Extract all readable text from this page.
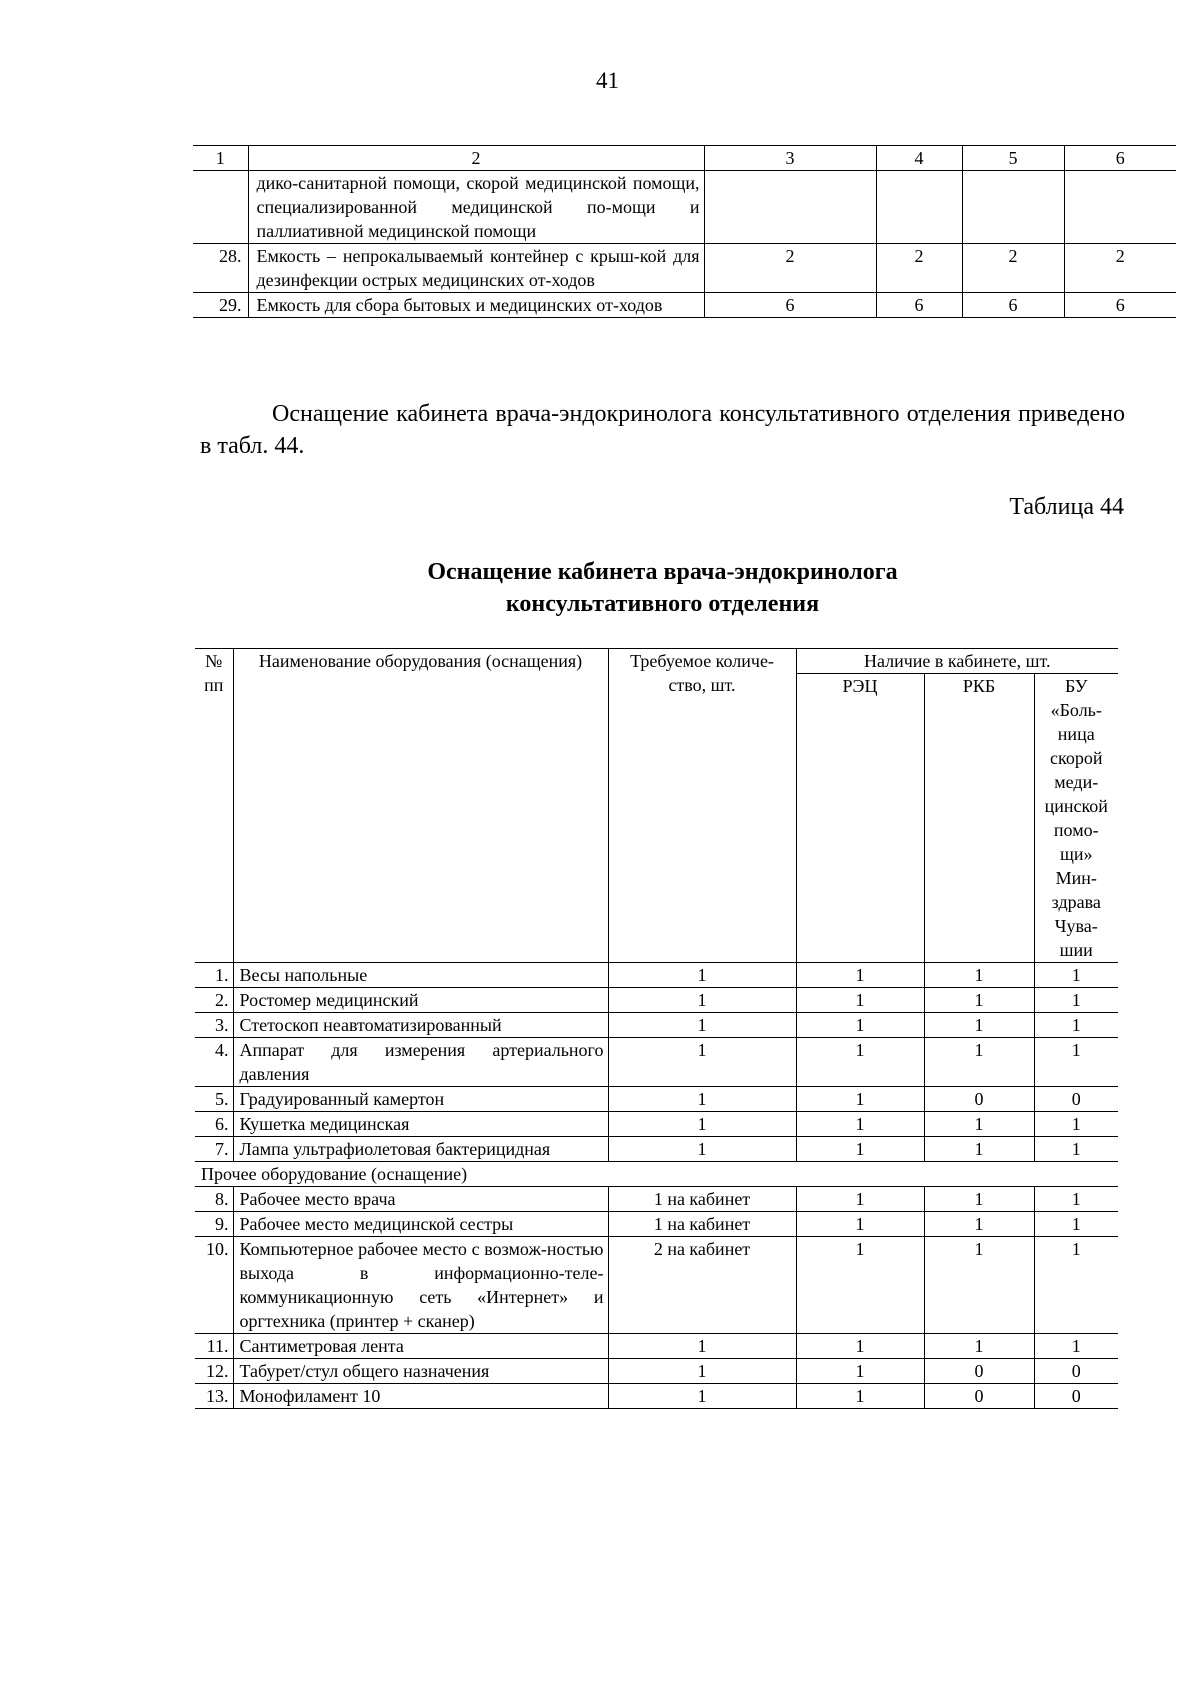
41
1	2	3	4	5	6
	дико-санитарной помощи, скорой медицинской помощи, специализированной медицинской по-мощи и паллиативной медицинской помощи				
28.	Емкость – непрокалываемый контейнер с крыш-кой для дезинфекции острых медицинских от-ходов	2	2	2	2
29.	Емкость для сбора бытовых и медицинских от-ходов	6	6	6	6
Оснащение кабинета врача-эндокринолога консультативного отделения приведено в табл. 44.
Таблица 44
Оснащение кабинета врача-эндокринолога
консультативного отделения
№ пп	Наименование оборудования (оснащения)	Требуемое количе-ство, шт.	Наличие в кабинете, шт.		
			РЭЦ	РКБ	БУ «Боль-ница скорой меди-цинской помо-щи» Мин-здрава Чува-шии
1.	Весы напольные	1	1	1	1
2.	Ростомер медицинский	1	1	1	1
3.	Стетоскоп неавтоматизированный	1	1	1	1
4.	Аппарат для измерения артериального давления	1	1	1	1
5.	Градуированный камертон	1	1	0	0
6.	Кушетка медицинская	1	1	1	1
7.	Лампа ультрафиолетовая бактерицидная	1	1	1	1
Прочее оборудование (оснащение)					
8.	Рабочее место врача	1 на кабинет	1	1	1
9.	Рабочее место медицинской сестры	1 на кабинет	1	1	1
10.	Компьютерное рабочее место с возмож-ностью выхода в информационно-теле-коммуникационную сеть «Интернет» и оргтехника (принтер + сканер)	2 на кабинет	1	1	1
11.	Сантиметровая лента	1	1	1	1
12.	Табурет/стул общего назначения	1	1	0	0
13.	Монофиламент 10	1	1	0	0
